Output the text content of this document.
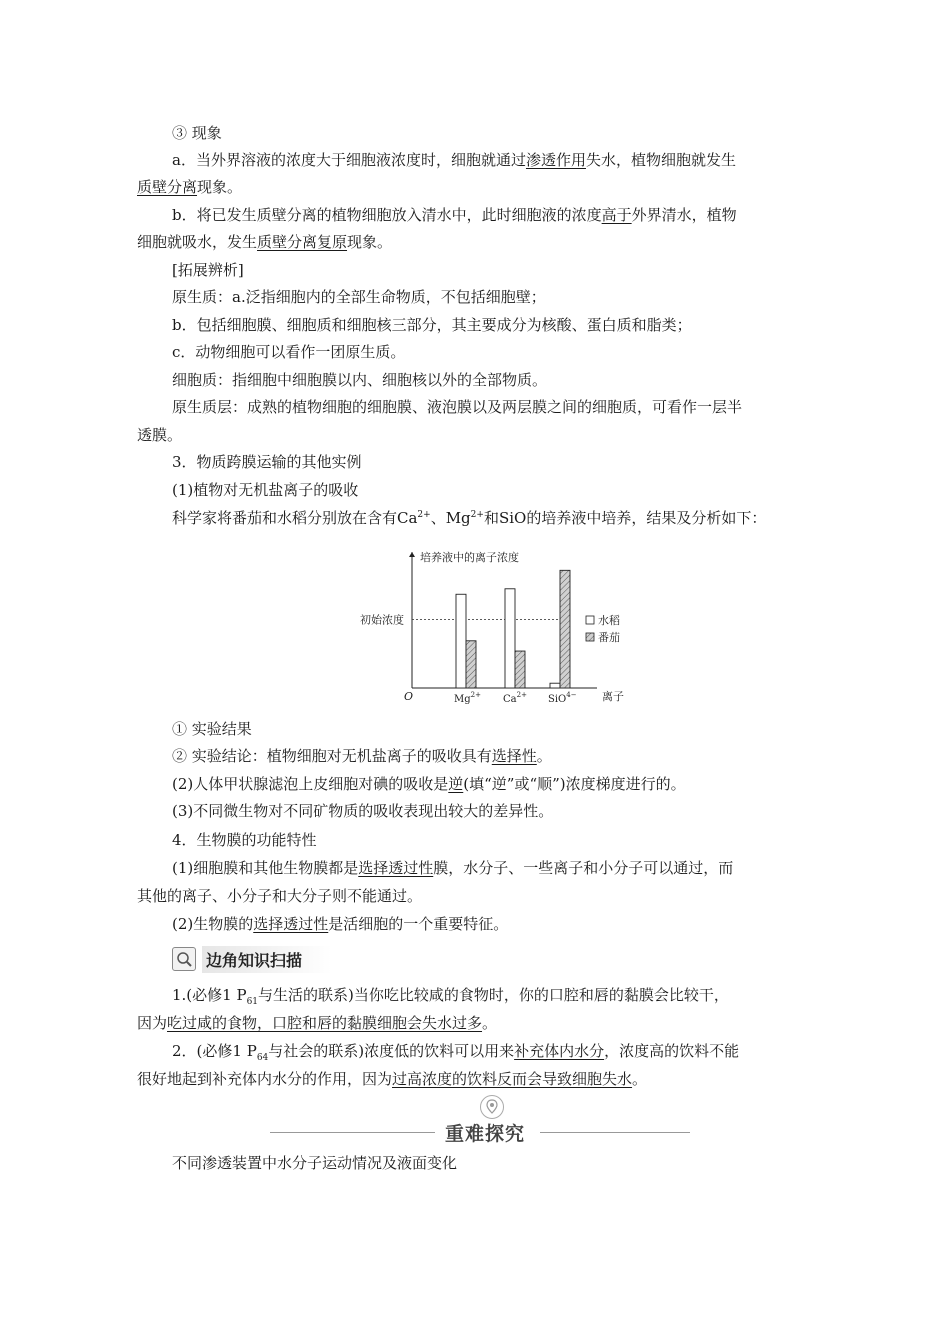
③ 现象
a．当外界溶液的浓度大于细胞液浓度时，细胞就通过渗透作用失水，植物细胞就发生
质壁分离现象。
b．将已发生质壁分离的植物细胞放入清水中，此时细胞液的浓度高于外界清水，植物
细胞就吸水，发生质壁分离复原现象。
[拓展辨析]
原生质：a.泛指细胞内的全部生命物质，不包括细胞壁；
b．包括细胞膜、细胞质和细胞核三部分，其主要成分为核酸、蛋白质和脂类；
c．动物细胞可以看作一团原生质。
细胞质：指细胞中细胞膜以内、细胞核以外的全部物质。
原生质层：成熟的植物细胞的细胞膜、液泡膜以及两层膜之间的细胞质，可看作一层半
透膜。
3．物质跨膜运输的其他实例
(1)植物对无机盐离子的吸收
科学家将番茄和水稻分别放在含有$Ca^{2+}$、$Mg^{2+}$和SiO的培养液中培养，结果及分析如下：
培养液中的离子浓度
O	离子
初始浓度
$Mg^{2+}$ $Ca^{2+}$ SiO$^{4-}$
水稻
番茄
① 实验结果
② 实验结论：植物细胞对无机盐离子的吸收具有选择性。
(2)人体甲状腺滤泡上皮细胞对碘的吸收是逆(填“逆”或“顺”)浓度梯度进行的。
(3)不同微生物对不同矿物质的吸收表现出较大的差异性。
4．生物膜的功能特性
(1)细胞膜和其他生物膜都是选择透过性膜，水分子、一些离子和小分子可以通过，而
其他的离子、小分子和大分子则不能通过。
(2)生物膜的选择透过性是活细胞的一个重要特征。
边角知识扫描
1.(必修1 $P_{61}$与生活的联系)当你吃比较咸的食物时，你的口腔和唇的黏膜会比较干，
因为吃过咸的食物，口腔和唇的黏膜细胞会失水过多。
2．(必修1 $P_{64}$与社会的联系)浓度低的饮料可以用来补充体内水分，浓度高的饮料不能
很好地起到补充体内水分的作用，因为过高浓度的饮料反而会导致细胞失水。
重难探究
不同渗透装置中水分子运动情况及液面变化
